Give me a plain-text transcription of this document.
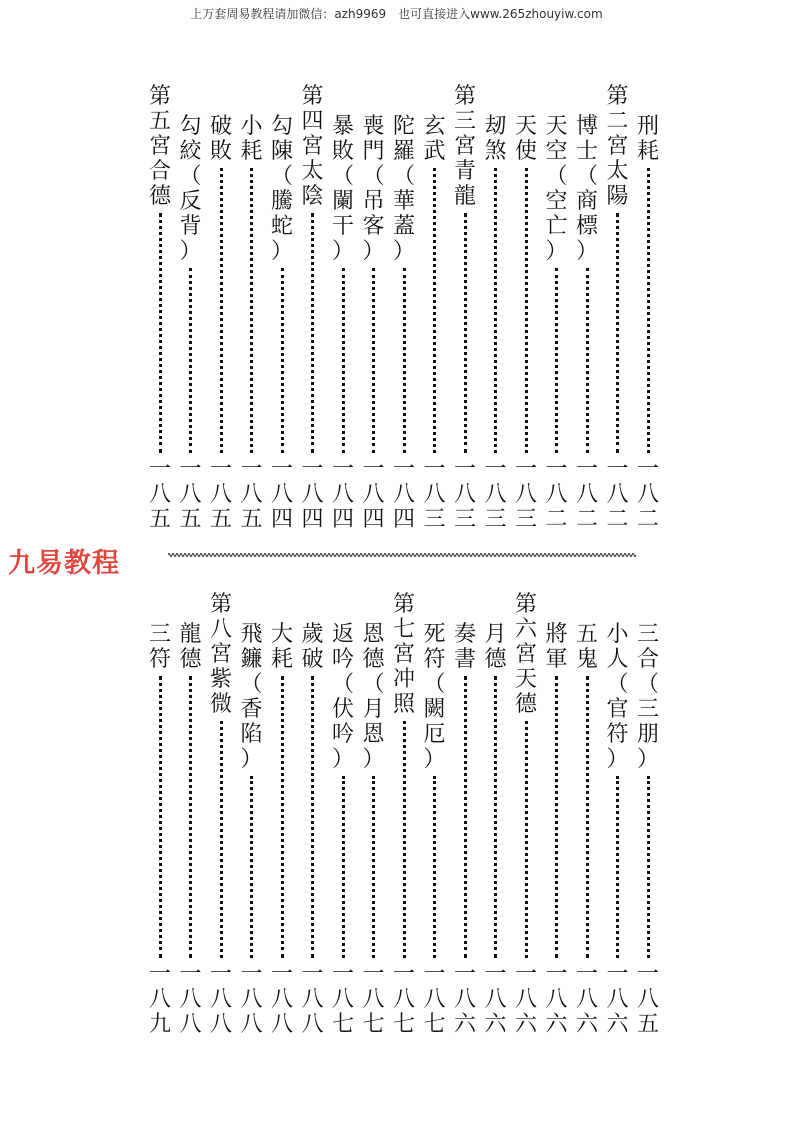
上万套周易教程请加微信：azh9969　也可直接进入www.265zhouyiw.com
刑
耗
一
八
二
第
二
宮
太
陽
一
八
二
博
士
（
商
標
）
一
八
二
天
空
（
空
亡
）
一
八
二
天
使
一
八
三
刼
煞
一
八
三
第
三
宮
青
龍
一
八
三
玄
武
一
八
三
陀
羅
（
華
蓋
）
一
八
四
喪
門
（
吊
客
）
一
八
四
暴
敗
（
闌
干
）
一
八
四
第
四
宮
太
陰
一
八
四
勾
陳
（
騰
蛇
）
一
八
四
小
耗
一
八
五
破
敗
一
八
五
勾
絞
（
反
背
）
一
八
五
第
五
宮
合
德
一
八
五
九易教程
三
合
（
三
朋
）
一
八
五
小
人
（
官
符
）
一
八
六
五
鬼
一
八
六
將
軍
一
八
六
第
六
宮
天
德
一
八
六
月
德
一
八
六
奏
書
一
八
六
死
符
（
闕
厄
）
一
八
七
第
七
宮
冲
照
一
八
七
恩
德
（
月
恩
）
一
八
七
返
吟
（
伏
吟
）
一
八
七
歲
破
一
八
八
大
耗
一
八
八
飛
鐮
（
香
陷
）
一
八
八
第
八
宮
紫
微
一
八
八
龍
德
一
八
八
三
符
一
八
九
